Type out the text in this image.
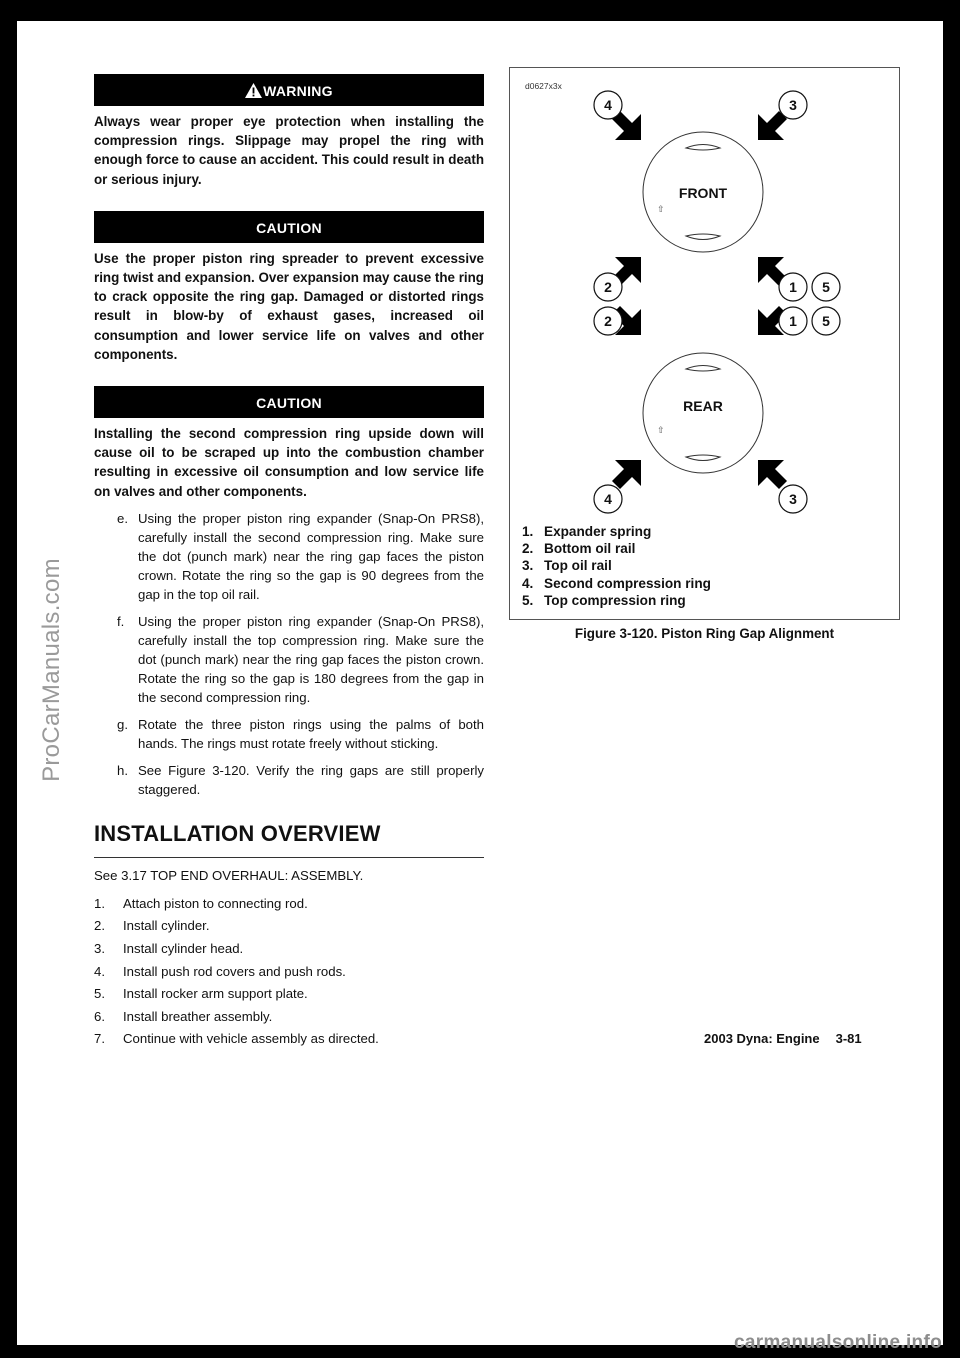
ProCarManuals.com
carmanualsonline.info
WARNING

Always wear proper eye protection when installing the compression rings. Slippage may propel the ring with enough force to cause an accident. This could result in death or serious injury.

CAUTION

Use the proper piston ring spreader to prevent excessive ring twist and expansion. Over expansion may cause the ring to crack opposite the ring gap. Damaged or distorted rings result in blow-by of exhaust gases, increased oil consumption and lower service life on valves and other components.

CAUTION

Installing the second compression ring upside down will cause oil to be scraped up into the combustion chamber resulting in excessive oil consumption and low service life on valves and other components.

e. Using the proper piston ring expander (Snap-On PRS8), carefully install the second compression ring. Make sure the dot (punch mark) near the ring gap faces the piston crown. Rotate the ring so the gap is 90 degrees from the gap in the top oil rail.
f.	Using the proper piston ring expander (Snap-On PRS8), carefully install the top compression ring. Make sure the dot (punch mark) near the ring gap faces the piston crown. Rotate the ring so the gap is 180 degrees from the gap in the second compression ring.
g. Rotate the three piston rings using the palms of both hands. The rings must rotate freely without sticking.
h. See Figure 3-120. Verify the ring gaps are still properly staggered.
INSTALLATION OVERVIEW
See 3.17 TOP END OVERHAUL: ASSEMBLY.
1.	Attach piston to connecting rod.
2.	Install cylinder.
3.	Install cylinder head.
4.	Install push rod covers and push rods.
5.	Install rocker arm support plate.
6.	Install breather assembly.
7.	Continue with vehicle assembly as directed.
d0627x3x
⇧
FRONT
⇧
REAR
4	3
2	1 5
2	1 5
4	3
1. Expander spring
2. Bottom oil rail
3. Top oil rail
4. Second compression ring
5. Top compression ring
Figure 3-120. Piston Ring Gap Alignment
2003 Dyna: Engine 3-81
